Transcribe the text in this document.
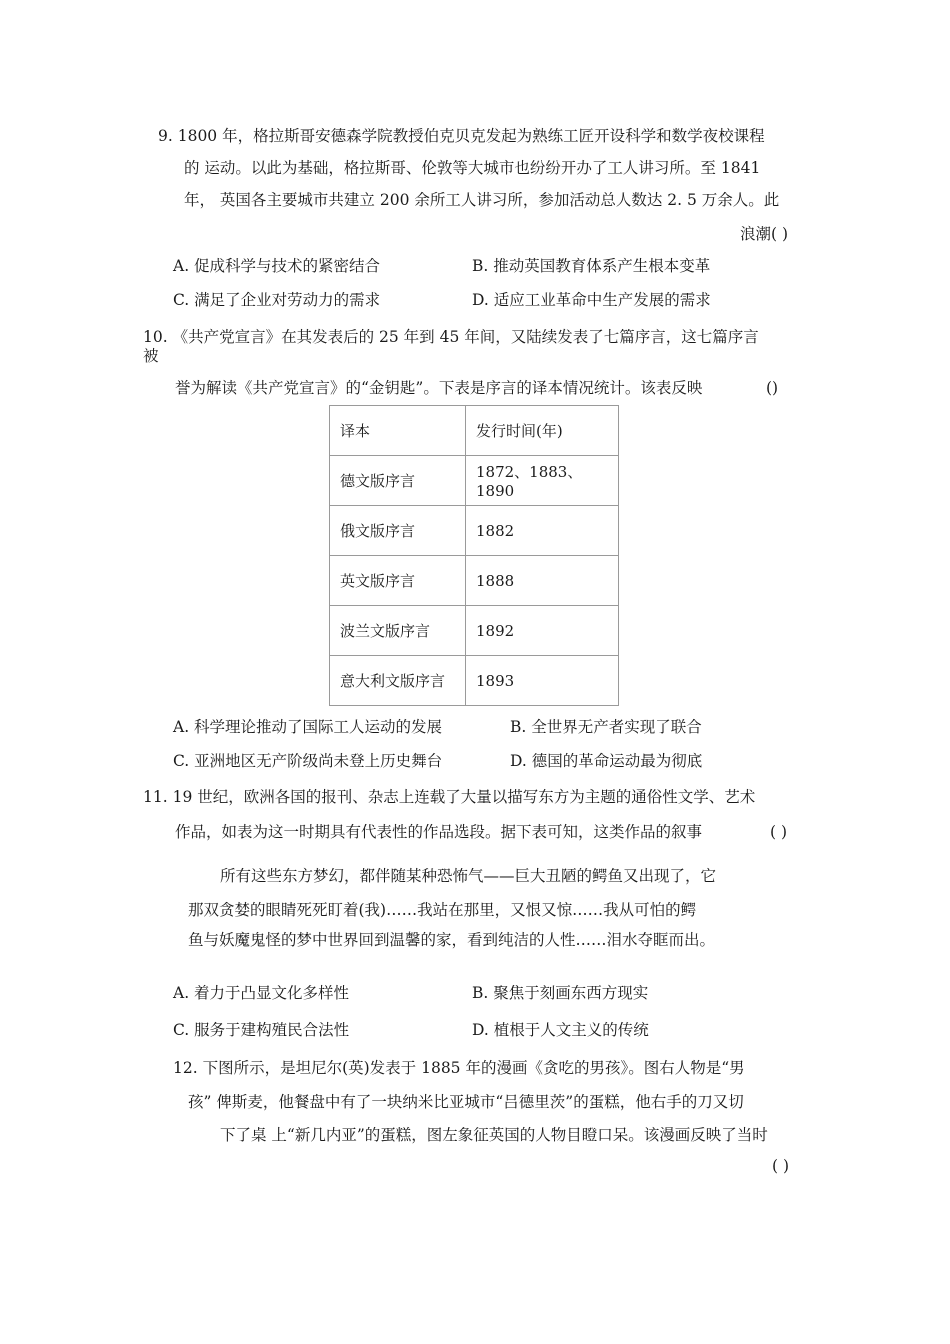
9. 1800 年，格拉斯哥安德森学院教授伯克贝克发起为熟练工匠开设科学和数学夜校课程
的 运动。以此为基础，格拉斯哥、伦敦等大城市也纷纷开办了工人讲习所。至 1841
年， 英国各主要城市共建立 200 余所工人讲习所，参加活动总人数达 2. 5 万余人。此
浪潮( )
A. 促成科学与技术的紧密结合	B. 推动英国教育体系产生根本变革
C. 满足了企业对劳动力的需求	D. 适应工业革命中生产发展的需求
10. 《共产党宣言》在其发表后的 25 年到 45 年间，又陆续发表了七篇序言，这七篇序言
被
誉为解读《共产党宣言》的“金钥匙”。下表是序言的译本情况统计。该表反映	()
译本	发行时间(年)
德文版序言	1872、1883、1890
俄文版序言	1882
英文版序言	1888
波兰文版序言	1892
意大利文版序言	1893
A. 科学理论推动了国际工人运动的发展	B. 全世界无产者实现了联合
C. 亚洲地区无产阶级尚未登上历史舞台	D. 德国的革命运动最为彻底
11. 19 世纪，欧洲各国的报刊、杂志上连载了大量以描写东方为主题的通俗性文学、艺术
作品，如表为这一时期具有代表性的作品选段。据下表可知，这类作品的叙事	( )
所有这些东方梦幻，都伴随某种恐怖气——巨大丑陋的鳄鱼又出现了，它
那双贪婪的眼睛死死盯着(我)……我站在那里，又恨又惊……我从可怕的鳄
鱼与妖魔鬼怪的梦中世界回到温馨的家，看到纯洁的人性……泪水夺眶而出。
A. 着力于凸显文化多样性	B. 聚焦于刻画东西方现实
C. 服务于建构殖民合法性	D. 植根于人文主义的传统
12. 下图所示，是坦尼尔(英)发表于 1885 年的漫画《贪吃的男孩》。图右人物是“男
孩” 俾斯麦，他餐盘中有了一块纳米比亚城市“吕德里茨”的蛋糕，他右手的刀又切
下了桌 上“新几内亚”的蛋糕，图左象征英国的人物目瞪口呆。该漫画反映了当时
( )
